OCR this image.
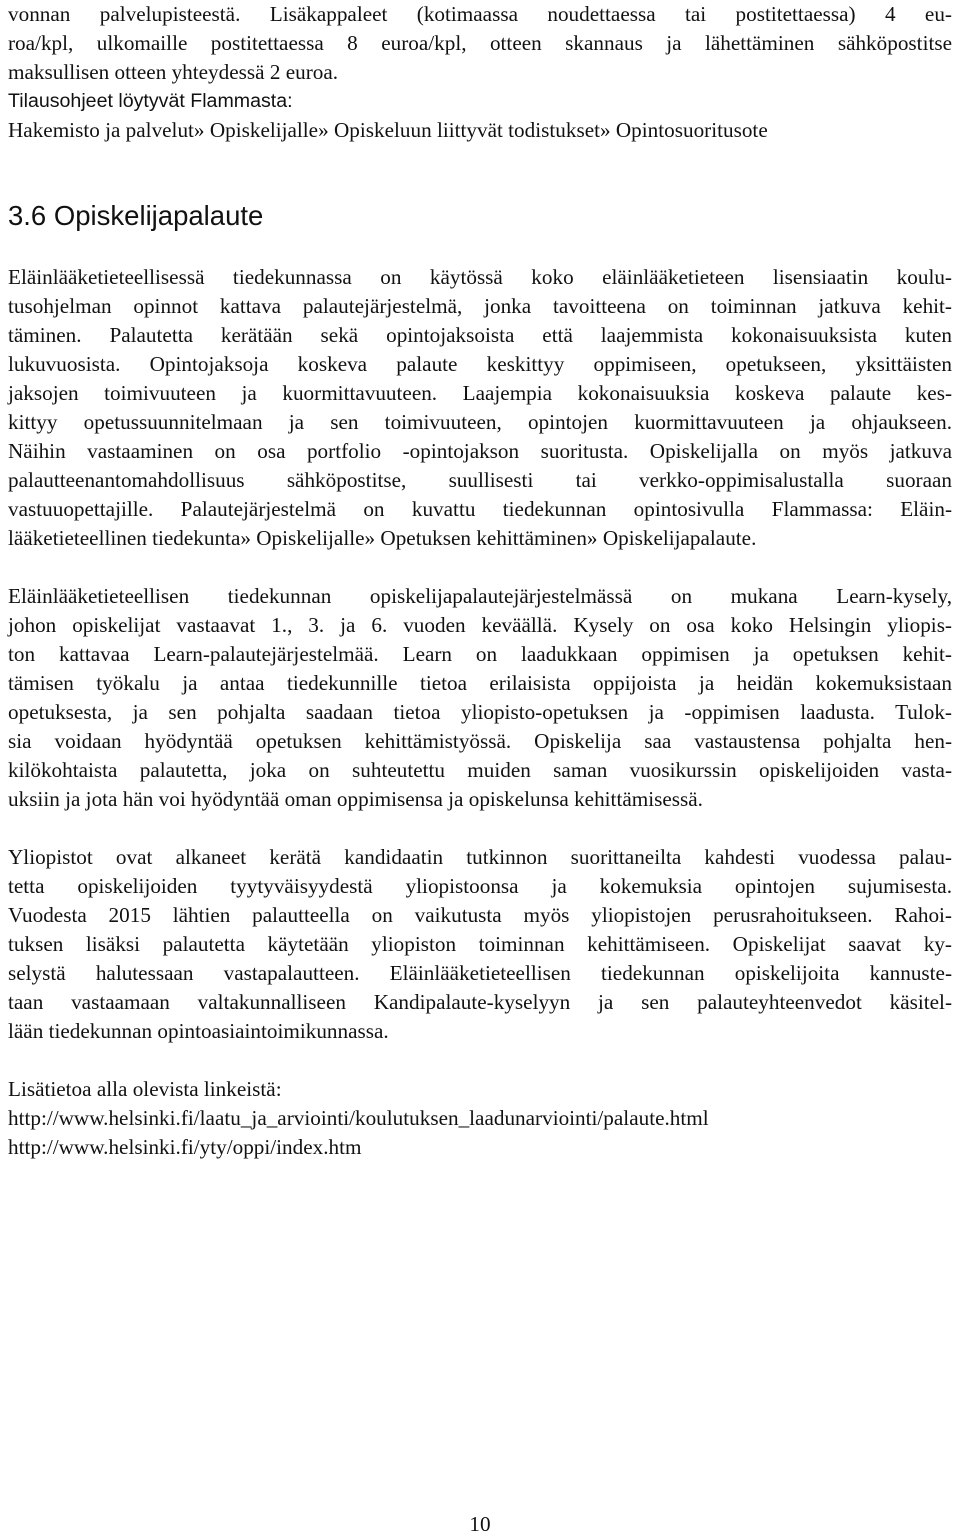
vonnan palvelupisteestä. Lisäkappaleet (kotimaassa noudettaessa tai postitettaessa) 4 eu-

roa/kpl, ulkomaille postitettaessa 8 euroa/kpl, otteen skannaus ja lähettäminen sähköpostitse

maksullisen otteen yhteydessä 2 euroa.

Tilausohjeet löytyvät Flammasta:

Hakemisto ja palvelut» Opiskelijalle» Opiskeluun liittyvät todistukset» Opintosuoritusote

3.6 Opiskelijapalaute

Eläinlääketieteellisessä tiedekunnassa on käytössä koko eläinlääketieteen lisensiaatin koulu-

tusohjelman opinnot kattava palautejärjestelmä, jonka tavoitteena on toiminnan jatkuva kehit-

täminen. Palautetta kerätään sekä opintojaksoista että laajemmista kokonaisuuksista kuten

lukuvuosista. Opintojaksoja koskeva palaute keskittyy oppimiseen, opetukseen, yksittäisten

jaksojen toimivuuteen ja kuormittavuuteen. Laajempia kokonaisuuksia koskeva palaute kes-

kittyy opetussuunnitelmaan ja sen toimivuuteen, opintojen kuormittavuuteen ja ohjaukseen.

Näihin vastaaminen on osa portfolio -opintojakson suoritusta. Opiskelijalla on myös jatkuva

palautteenantomahdollisuus sähköpostitse, suullisesti tai verkko-oppimisalustalla suoraan

vastuuopettajille. Palautejärjestelmä on kuvattu tiedekunnan opintosivulla Flammassa: Eläin-

lääketieteellinen tiedekunta» Opiskelijalle» Opetuksen kehittäminen» Opiskelijapalaute.

Eläinlääketieteellisen tiedekunnan opiskelijapalautejärjestelmässä on mukana Learn-kysely,

johon opiskelijat vastaavat 1., 3. ja 6. vuoden keväällä. Kysely on osa koko Helsingin yliopis-

ton kattavaa Learn-palautejärjestelmää. Learn on laadukkaan oppimisen ja opetuksen kehit-

tämisen työkalu ja antaa tiedekunnille tietoa erilaisista oppijoista ja heidän kokemuksistaan

opetuksesta, ja sen pohjalta saadaan tietoa yliopisto-opetuksen ja -oppimisen laadusta. Tulok-

sia voidaan hyödyntää opetuksen kehittämistyössä. Opiskelija saa vastaustensa pohjalta hen-

kilökohtaista palautetta, joka on suhteutettu muiden saman vuosikurssin opiskelijoiden vasta-

uksiin ja jota hän voi hyödyntää oman oppimisensa ja opiskelunsa kehittämisessä.

Yliopistot ovat alkaneet kerätä kandidaatin tutkinnon suorittaneilta kahdesti vuodessa palau-

tetta opiskelijoiden tyytyväisyydestä yliopistoonsa ja kokemuksia opintojen sujumisesta.

Vuodesta 2015 lähtien palautteella on vaikutusta myös yliopistojen perusrahoitukseen. Rahoi-

tuksen lisäksi palautetta käytetään yliopiston toiminnan kehittämiseen. Opiskelijat saavat ky-

selystä halutessaan vastapalautteen. Eläinlääketieteellisen tiedekunnan opiskelijoita kannuste-

taan vastaamaan valtakunnalliseen Kandipalaute-kyselyyn ja sen palauteyhteenvedot käsitel-

lään tiedekunnan opintoasiaintoimikunnassa.

Lisätietoa alla olevista linkeistä:

http://www.helsinki.fi/laatu_ja_arviointi/koulutuksen_laadunarviointi/palaute.html

http://www.helsinki.fi/yty/oppi/index.htm

10
